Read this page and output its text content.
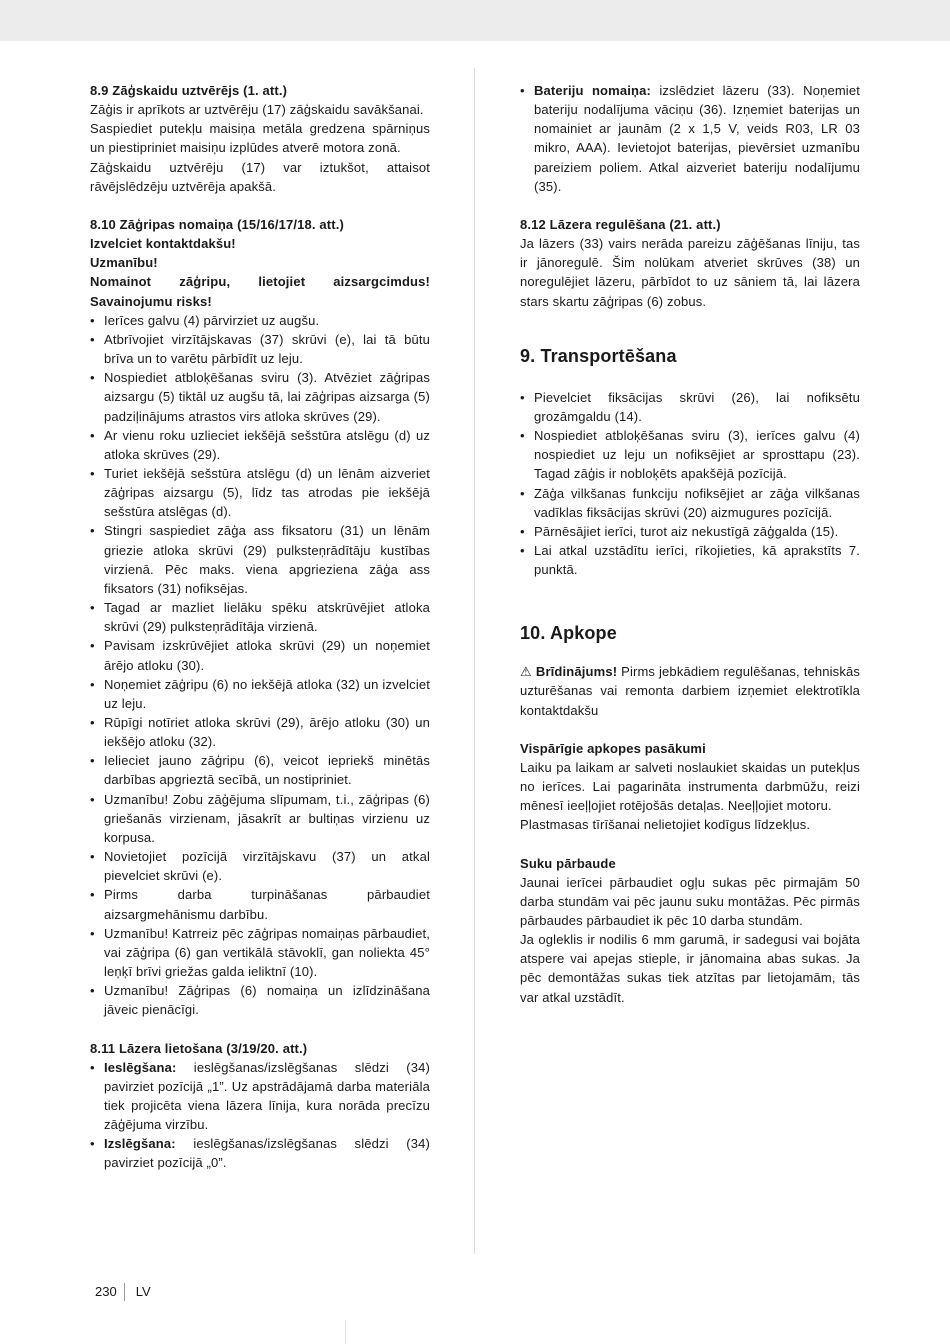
8.9 Zāģskaidu uztvērējs (1. att.)

Zāģis ir aprīkots ar uztvērēju (17) zāģskaidu savākšanai.

Saspiediet putekļu maisiņa metāla gredzena spārniņus un piestipriniet maisiņu izplūdes atverē motora zonā.

Zāģskaidu uztvērēju (17) var iztukšot, attaisot rāvējslēdzēju uztvērēja apakšā.

8.10 Zāģripas nomaiņa (15/16/17/18. att.)

Izvelciet kontaktdakšu!

Uzmanību!

Nomainot zāģripu, lietojiet aizsargcimdus! Savainojumu risks!

• Ierīces galvu (4) pārvirziet uz augšu.
• Atbrīvojiet virzītājskavas (37) skrūvi (e), lai tā būtu brīva un to varētu pārbīdīt uz leju.
• Nospiediet atbloķēšanas sviru (3). Atvēziet zāģripas aizsargu (5) tiktāl uz augšu tā, lai zāģripas aizsarga (5) padziļinājums atrastos virs atloka skrūves (29).
• Ar vienu roku uzlieciet iekšējā sešstūra atslēgu (d) uz atloka skrūves (29).
• Turiet iekšējā sešstūra atslēgu (d) un lēnām aizveriet zāģripas aizsargu (5), līdz tas atrodas pie iekšējā sešstūra atslēgas (d).
• Stingri saspiediet zāģa ass fiksatoru (31) un lēnām griezie atloka skrūvi (29) pulksteņrādītāju kustības virzienā. Pēc maks. viena apgrieziena zāģa ass fiksators (31) nofiksējas.
• Tagad ar mazliet lielāku spēku atskrūvējiet atloka skrūvi (29) pulksteņrādītāja virzienā.
• Pavisam izskrūvējiet atloka skrūvi (29) un noņemiet ārējo atloku (30).
• Noņemiet zāģripu (6) no iekšējā atloka (32) un izvelciet uz leju.
• Rūpīgi notīriet atloka skrūvi (29), ārējo atloku (30) un iekšējo atloku (32).
• Ielieciet jauno zāģripu (6), veicot iepriekš minētās darbības apgrieztā secībā, un nostipriniet.
• Uzmanību! Zobu zāģējuma slīpumam, t.i., zāģripas (6) griešanās virzienam, jāsakrīt ar bultiņas virzienu uz korpusa.
• Novietojiet pozīcijā virzītājskavu (37) un atkal pievelciet skrūvi (e).
• Pirms darba turpināšanas pārbaudiet aizsargmehānismu darbību.
• Uzmanību! Katrreiz pēc zāģripas nomaiņas pārbaudiet, vai zāģripa (6) gan vertikālā stāvoklī, gan noliekta 45° leņķī brīvi griežas galda ieliktnī (10).
• Uzmanību! Zāģripas (6) nomaiņa un izlīdzināšana jāveic pienācīgi.

8.11 Lāzera lietošana (3/19/20. att.)

• Ieslēgšana: ieslēgšanas/izslēgšanas slēdzi (34) pavirziet pozīcijā „1”. Uz apstrādājamā darba materiāla tiek projicēta viena lāzera līnija, kura norāda precīzu zāģējuma virzību.
• Izslēgšana: ieslēgšanas/izslēgšanas slēdzi (34) pavirziet pozīcijā „0”.
• Bateriju nomaiņa: izslēdziet lāzeru (33). Noņemiet bateriju nodalījuma vāciņu (36). Izņemiet baterijas un nomainiet ar jaunām (2 x 1,5 V, veids R03, LR 03 mikro, AAA). Ievietojot baterijas, pievērsiet uzmanību pareiziem poliem. Atkal aizveriet bateriju nodalījumu (35).

8.12 Lāzera regulēšana (21. att.)

Ja lāzers (33) vairs nerāda pareizu zāģēšanas līniju, tas ir jānoregulē. Šim nolūkam atveriet skrūves (38) un noregulējiet lāzeru, pārbīdot to uz sāniem tā, lai lāzera stars skartu zāģripas (6) zobus.

9. Transportēšana
• Pievelciet fiksācijas skrūvi (26), lai nofiksētu grozāmgaldu (14).
• Nospiediet atbloķēšanas sviru (3), ierīces galvu (4) nospiediet uz leju un nofiksējiet ar sprosttapu (23). Tagad zāģis ir nobloķēts apakšējā pozīcijā.
• Zāģa vilkšanas funkciju nofiksējiet ar zāģa vilkšanas vadīklas fiksācijas skrūvi (20) aizmugures pozīcijā.
• Pārnēsājiet ierīci, turot aiz nekustīgā zāģgalda (15).
• Lai atkal uzstādītu ierīci, rīkojieties, kā aprakstīts 7. punktā.
10. Apkope

⚠ Brīdinājums! Pirms jebkādiem regulēšanas, tehniskās uzturēšanas vai remonta darbiem izņemiet elektrotīkla kontaktdakšu

Vispārīgie apkopes pasākumi

Laiku pa laikam ar salveti noslaukiet skaidas un putekļus no ierīces. Lai pagarināta instrumenta darbmūžu, reizi mēnesī ieeļļojiet rotējošās detaļas. Neeļļojiet motoru.

Plastmasas tīrīšanai nelietojiet kodīgus līdzekļus.

Suku pārbaude

Jaunai ierīcei pārbaudiet ogļu sukas pēc pirmajām 50 darba stundām vai pēc jaunu suku montāžas. Pēc pirmās pārbaudes pārbaudiet ik pēc 10 darba stundām.

Ja ogleklis ir nodilis 6 mm garumā, ir sadegusi vai bojāta atspere vai apejas stieple, ir jānomaina abas sukas. Ja pēc demontāžas sukas tiek atzītas par lietojamām, tās var atkal uzstādīt.

230 LV
